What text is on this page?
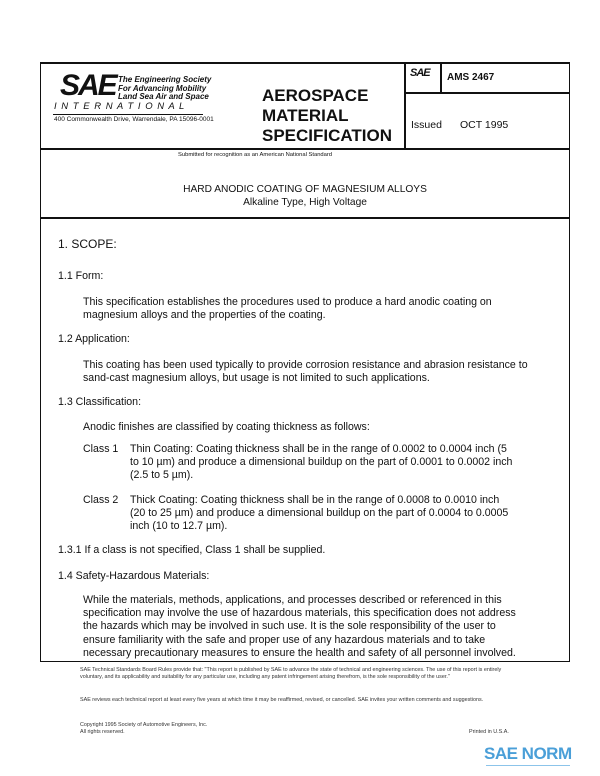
SAE The Engineering Society
For Advancing Mobility
Land Sea Air and Space
I N T E R N A T I O N A L
400 Commonwealth Drive, Warrendale, PA 15096-0001
AEROSPACE
MATERIAL
SPECIFICATION
Submitted for recognition as an American National Standard
SAE AMS 2467
Issued OCT 1995
HARD ANODIC COATING OF MAGNESIUM ALLOYS
Alkaline Type, High Voltage
1. SCOPE:
1.1 Form:

This specification establishes the procedures used to produce a hard anodic coating on magnesium alloys and the properties of the coating.

1.2 Application:

This coating has been used typically to provide corrosion resistance and abrasion resistance to sand-cast magnesium alloys, but usage is not limited to such applications.

1.3 Classification:

Anodic finishes are classified by coating thickness as follows:

Class 1 Thin Coating: Coating thickness shall be in the range of 0.0002 to 0.0004 inch (5 to 10 µm) and produce a dimensional buildup on the part of 0.0001 to 0.0002 inch (2.5 to 5 µm).

Class 2 Thick Coating: Coating thickness shall be in the range of 0.0008 to 0.0010 inch (20 to 25 µm) and produce a dimensional buildup on the part of 0.0004 to 0.0005 inch (10 to 12.7 µm).

1.3.1 If a class is not specified, Class 1 shall be supplied.
1.4 Safety-Hazardous Materials:

While the materials, methods, applications, and processes described or referenced in this specification may involve the use of hazardous materials, this specification does not address the hazards which may be involved in such use. It is the sole responsibility of the user to ensure familiarity with the safe and proper use of any hazardous materials and to take necessary precautionary measures to ensure the health and safety of all personnel involved.

SAE Technical Standards Board Rules provide that: "This report is published by SAE to advance the state of technical and engineering sciences. The use of this report is entirely voluntary, and its applicability and suitability for any particular use, including any patent infringement arising therefrom, is the sole responsibility of the user."

SAE reviews each technical report at least every five years at which time it may be reaffirmed, revised, or cancelled. SAE invites your written comments and suggestions.

Copyright 1995 Society of Automotive Engineers, Inc.
All rights reserved.	Printed in U.S.A.
SAE NORM
